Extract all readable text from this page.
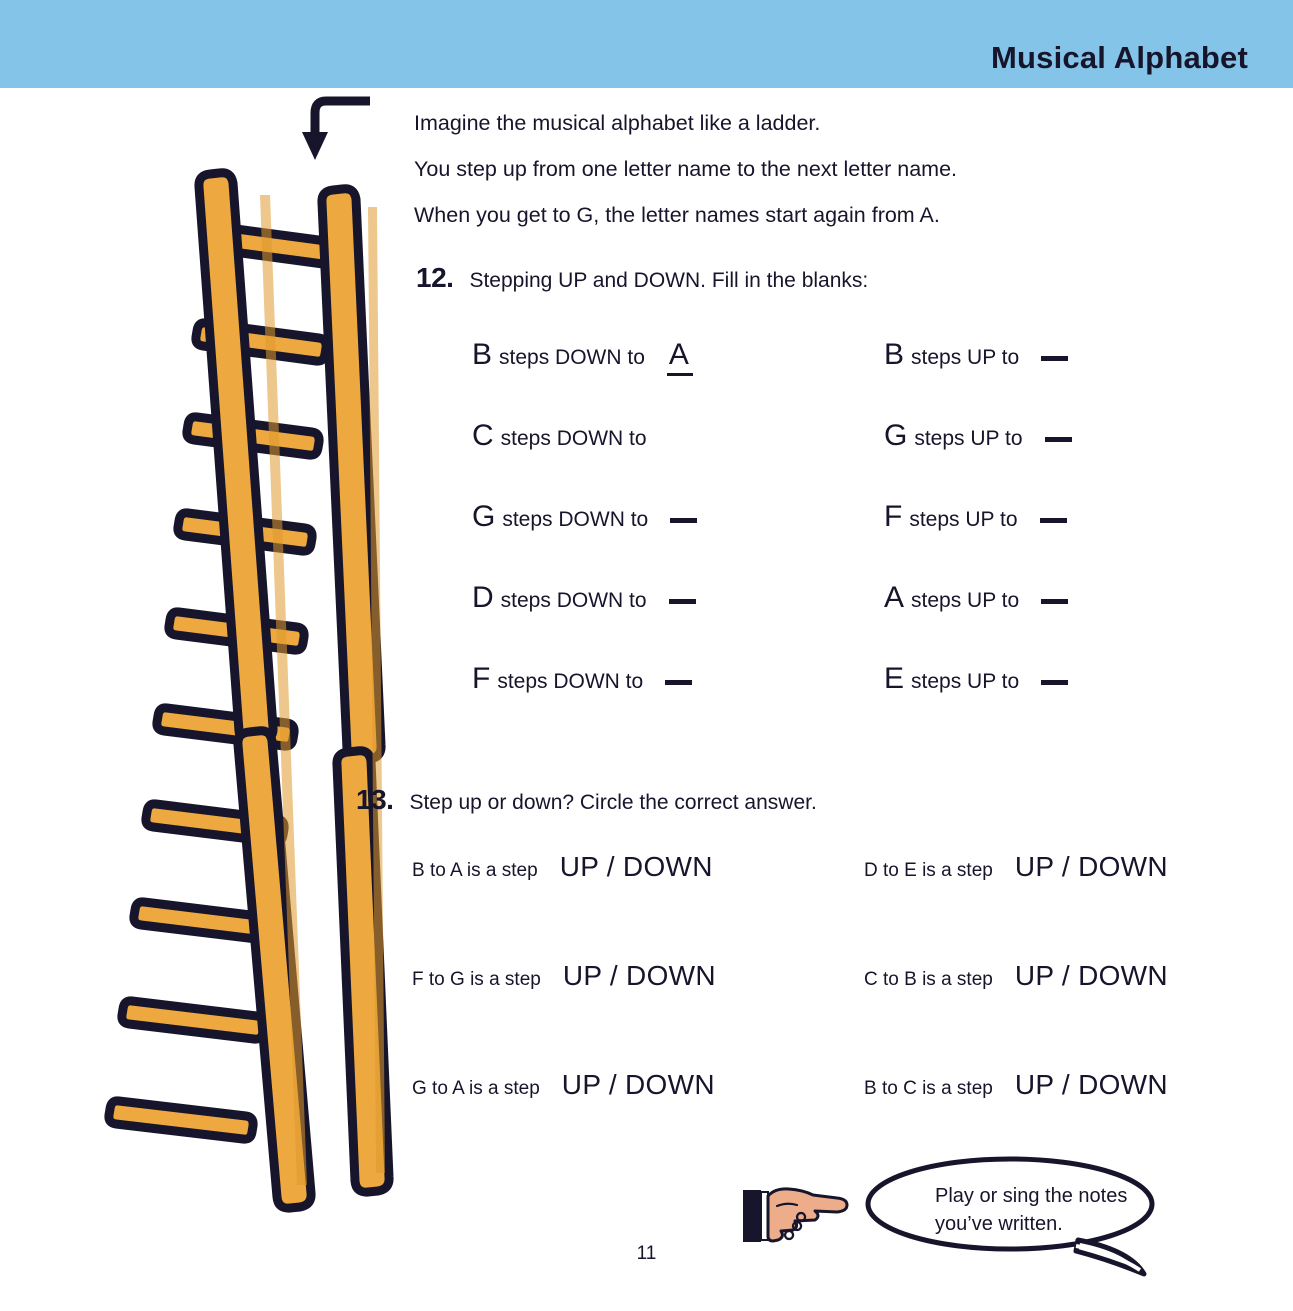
Musical Alphabet
Imagine the musical alphabet like a ladder.
You step up from one letter name to the next letter name.
When you get to G, the letter names start again from A.
12. Stepping UP and DOWN. Fill in the blanks:
B steps DOWN to A	B steps UP to
C steps DOWN to	G steps UP to
G steps DOWN to	F steps UP to
D steps DOWN to	A steps UP to
F steps DOWN to	E steps UP to
13. Step up or down? Circle the correct answer.
B to A is a step UP / DOWN	D to E is a step UP / DOWN
F to G is a step UP / DOWN	C to B is a step UP / DOWN
G to A is a step UP / DOWN	B to C is a step UP / DOWN
Play or sing the notes
you’ve written.
11
